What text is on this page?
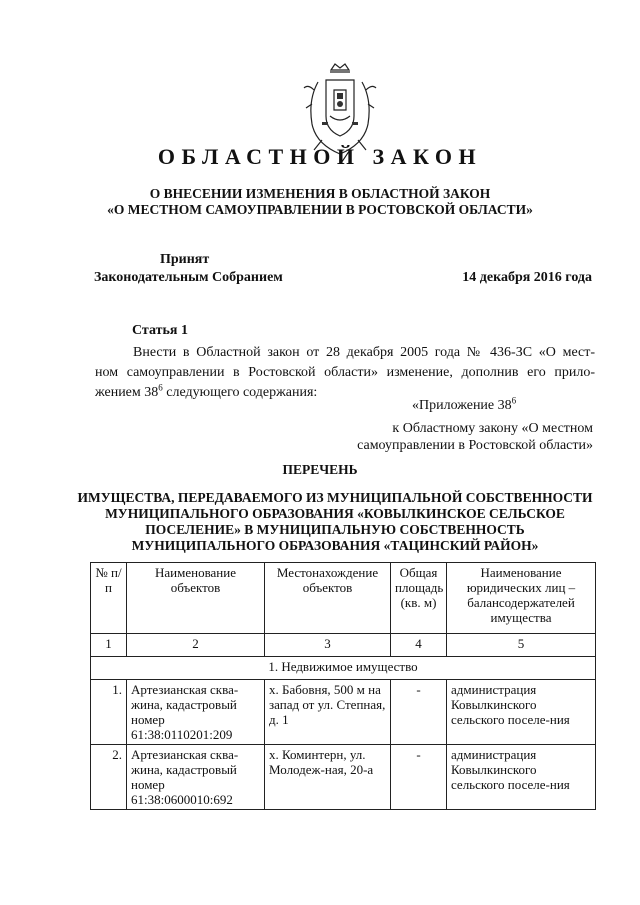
ОБЛАСТНОЙ ЗАКОН
О ВНЕСЕНИИ ИЗМЕНЕНИЯ В ОБЛАСТНОЙ ЗАКОН
«О МЕСТНОМ САМОУПРАВЛЕНИИ В РОСТОВСКОЙ ОБЛАСТИ»
Принят
Законодательным Собранием	14 декабря 2016 года
Статья 1
Внести в Областной закон от 28 декабря 2005 года № 436-ЗС «О мест-
ном самоуправлении в Ростовской области» изменение, дополнив его прило-
жением $38^6$ следующего содержания:
«Приложение $38^6$
к Областному закону «О местном
самоуправлении в Ростовской области»
ПЕРЕЧЕНЬ
ИМУЩЕСТВА, ПЕРЕДАВАЕМОГО ИЗ МУНИЦИПАЛЬНОЙ СОБСТВЕННОСТИ
МУНИЦИПАЛЬНОГО ОБРАЗОВАНИЯ «КОВЫЛКИНСКОЕ СЕЛЬСКОЕ
ПОСЕЛЕНИЕ» В МУНИЦИПАЛЬНУЮ СОБСТВЕННОСТЬ
МУНИЦИПАЛЬНОГО ОБРАЗОВАНИЯ «ТАЦИНСКИЙ РАЙОН»
№ п/п	Наименование объектов	Местонахождение объектов	Общая площадь (кв. м)	Наименование юридических лиц – балансодержателей имущества
1	2	3	4	5
1. Недвижимое имущество				
1.	Артезианская сква-жина, кадастровый номер 61:38:0110201:209	х. Бабовня, 500 м на запад от ул. Степная, д. 1	-	администрация Ковылкинского сельского поселе-ния
2.	Артезианская сква-жина, кадастровый номер 61:38:0600010:692	х. Коминтерн, ул. Молодеж-ная, 20-а	-	администрация Ковылкинского сельского поселе-ния
